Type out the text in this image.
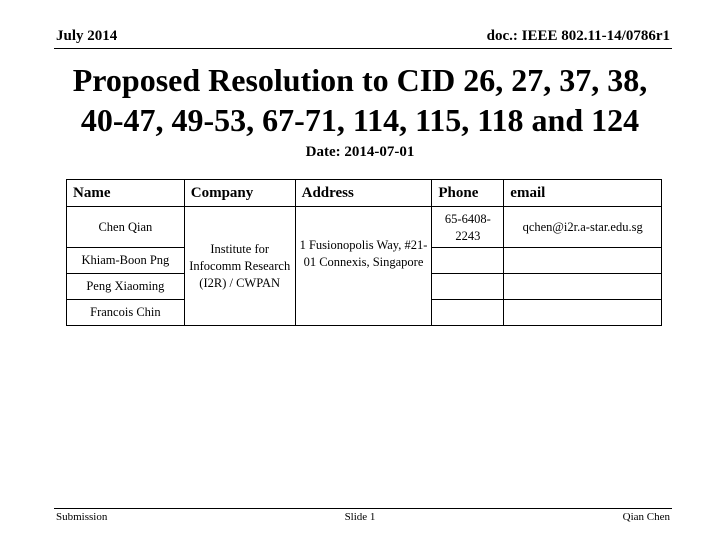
July 2014	doc.: IEEE 802.11-14/0786r1
Proposed Resolution to CID 26, 27, 37, 38,
40-47, 49-53, 67-71, 114, 115, 118 and 124
Date: 2014-07-01
Name	Company	Address	Phone	email
Chen Qian	Institute for Infocomm Research (I2R) / CWPAN	1 Fusionopolis Way, #21-01 Connexis, Singapore	65-6408-2243	qchen@i2r.a-star.edu.sg
Khiam-Boon Png				
Peng Xiaoming				
Francois Chin				
Submission	Slide 1	Qian Chen
